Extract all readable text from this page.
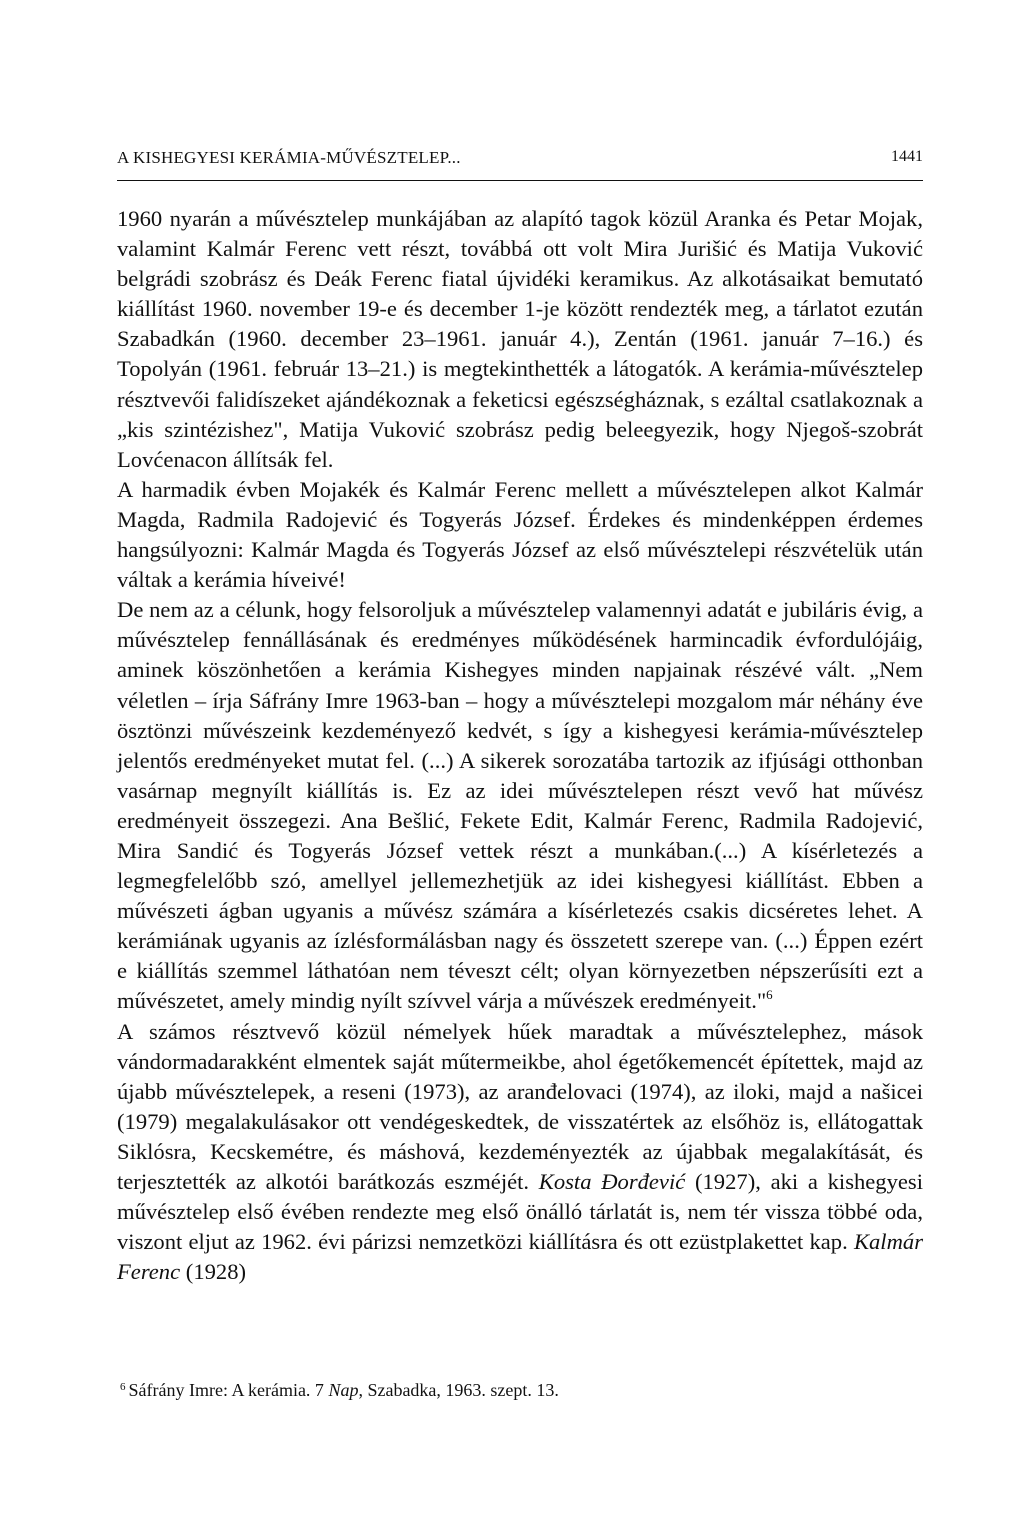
A KISHEGYESI KERÁMIA-MŰVÉSZTELEP...	1441

1960 nyarán a művésztelep munkájában az alapító tagok közül Aranka és Petar Mojak, valamint Kalmár Ferenc vett részt, továbbá ott volt Mira Jurišić és Matija Vuković belgrádi szobrász és Deák Ferenc fiatal újvidéki keramikus. Az alkotásaikat bemutató kiállítást 1960. november 19-e és december 1-je között rendezték meg, a tárlatot ezután Szabadkán (1960. december 23–1961. január 4.), Zentán (1961. január 7–16.) és Topolyán (1961. február 13–21.) is megtekinthették a látogatók. A kerámia-művésztelep résztvevői falidíszeket ajándékoznak a feketicsi egészségháznak, s ezáltal csatlakoznak a „kis szintézishez", Matija Vuković szobrász pedig beleegyezik, hogy Njegoš-szobrát Lovćenacon állítsák fel.

A harmadik évben Mojakék és Kalmár Ferenc mellett a művésztelepen alkot Kalmár Magda, Radmila Radojević és Togyerás József. Érdekes és mindenképpen érdemes hangsúlyozni: Kalmár Magda és Togyerás József az első művésztelepi részvételük után váltak a kerámia híveivé!

De nem az a célunk, hogy felsoroljuk a művésztelep valamennyi adatát e jubiláris évig, a művésztelep fennállásának és eredményes működésének harmincadik évfordulójáig, aminek köszönhetően a kerámia Kishegyes minden napjainak részévé vált. „Nem véletlen – írja Sáfrány Imre 1963-ban – hogy a művésztelepi mozgalom már néhány éve ösztönzi művészeink kezdeményező kedvét, s így a kishegyesi kerámia-művésztelep jelentős eredményeket mutat fel. (...) A sikerek sorozatába tartozik az ifjúsági otthonban vasárnap megnyílt kiállítás is. Ez az idei művésztelepen részt vevő hat művész eredményeit összegezi. Ana Bešlić, Fekete Edit, Kalmár Ferenc, Radmila Radojević, Mira Sandić és Togyerás József vettek részt a munkában.(...) A kísérletezés a legmegfelelőbb szó, amellyel jellemezhetjük az idei kishegyesi kiállítást. Ebben a művészeti ágban ugyanis a művész számára a kísérletezés csakis dicséretes lehet. A kerámiának ugyanis az ízlésformálásban nagy és összetett szerepe van. (...) Éppen ezért e kiállítás szemmel láthatóan nem téveszt célt; olyan környezetben népszerűsíti ezt a művészetet, amely mindig nyílt szívvel várja a művészek eredményeit."$^6$

A számos résztvevő közül némelyek hűek maradtak a művésztelephez, mások vándormadarakként elmentek saját műtermeikbe, ahol égetőkemencét építettek, majd az újabb művésztelepek, a reseni (1973), az aranđelovaci (1974), az iloki, majd a našicei (1979) megalakulásakor ott vendégeskedtek, de visszatértek az elsőhöz is, ellátogattak Siklósra, Kecskemétre, és máshová, kezdeményezték az újabbak megalakítását, és terjesztették az alkotói barátkozás eszméjét. Kosta Đorđević (1927), aki a kishegyesi művésztelep első évében rendezte meg első önálló tárlatát is, nem tér vissza többé oda, viszont eljut az 1962. évi párizsi nemzetközi kiállításra és ott ezüstplakettet kap. Kalmár Ferenc (1928)

$^6$ Sáfrány Imre: A kerámia. 7 Nap, Szabadka, 1963. szept. 13.
